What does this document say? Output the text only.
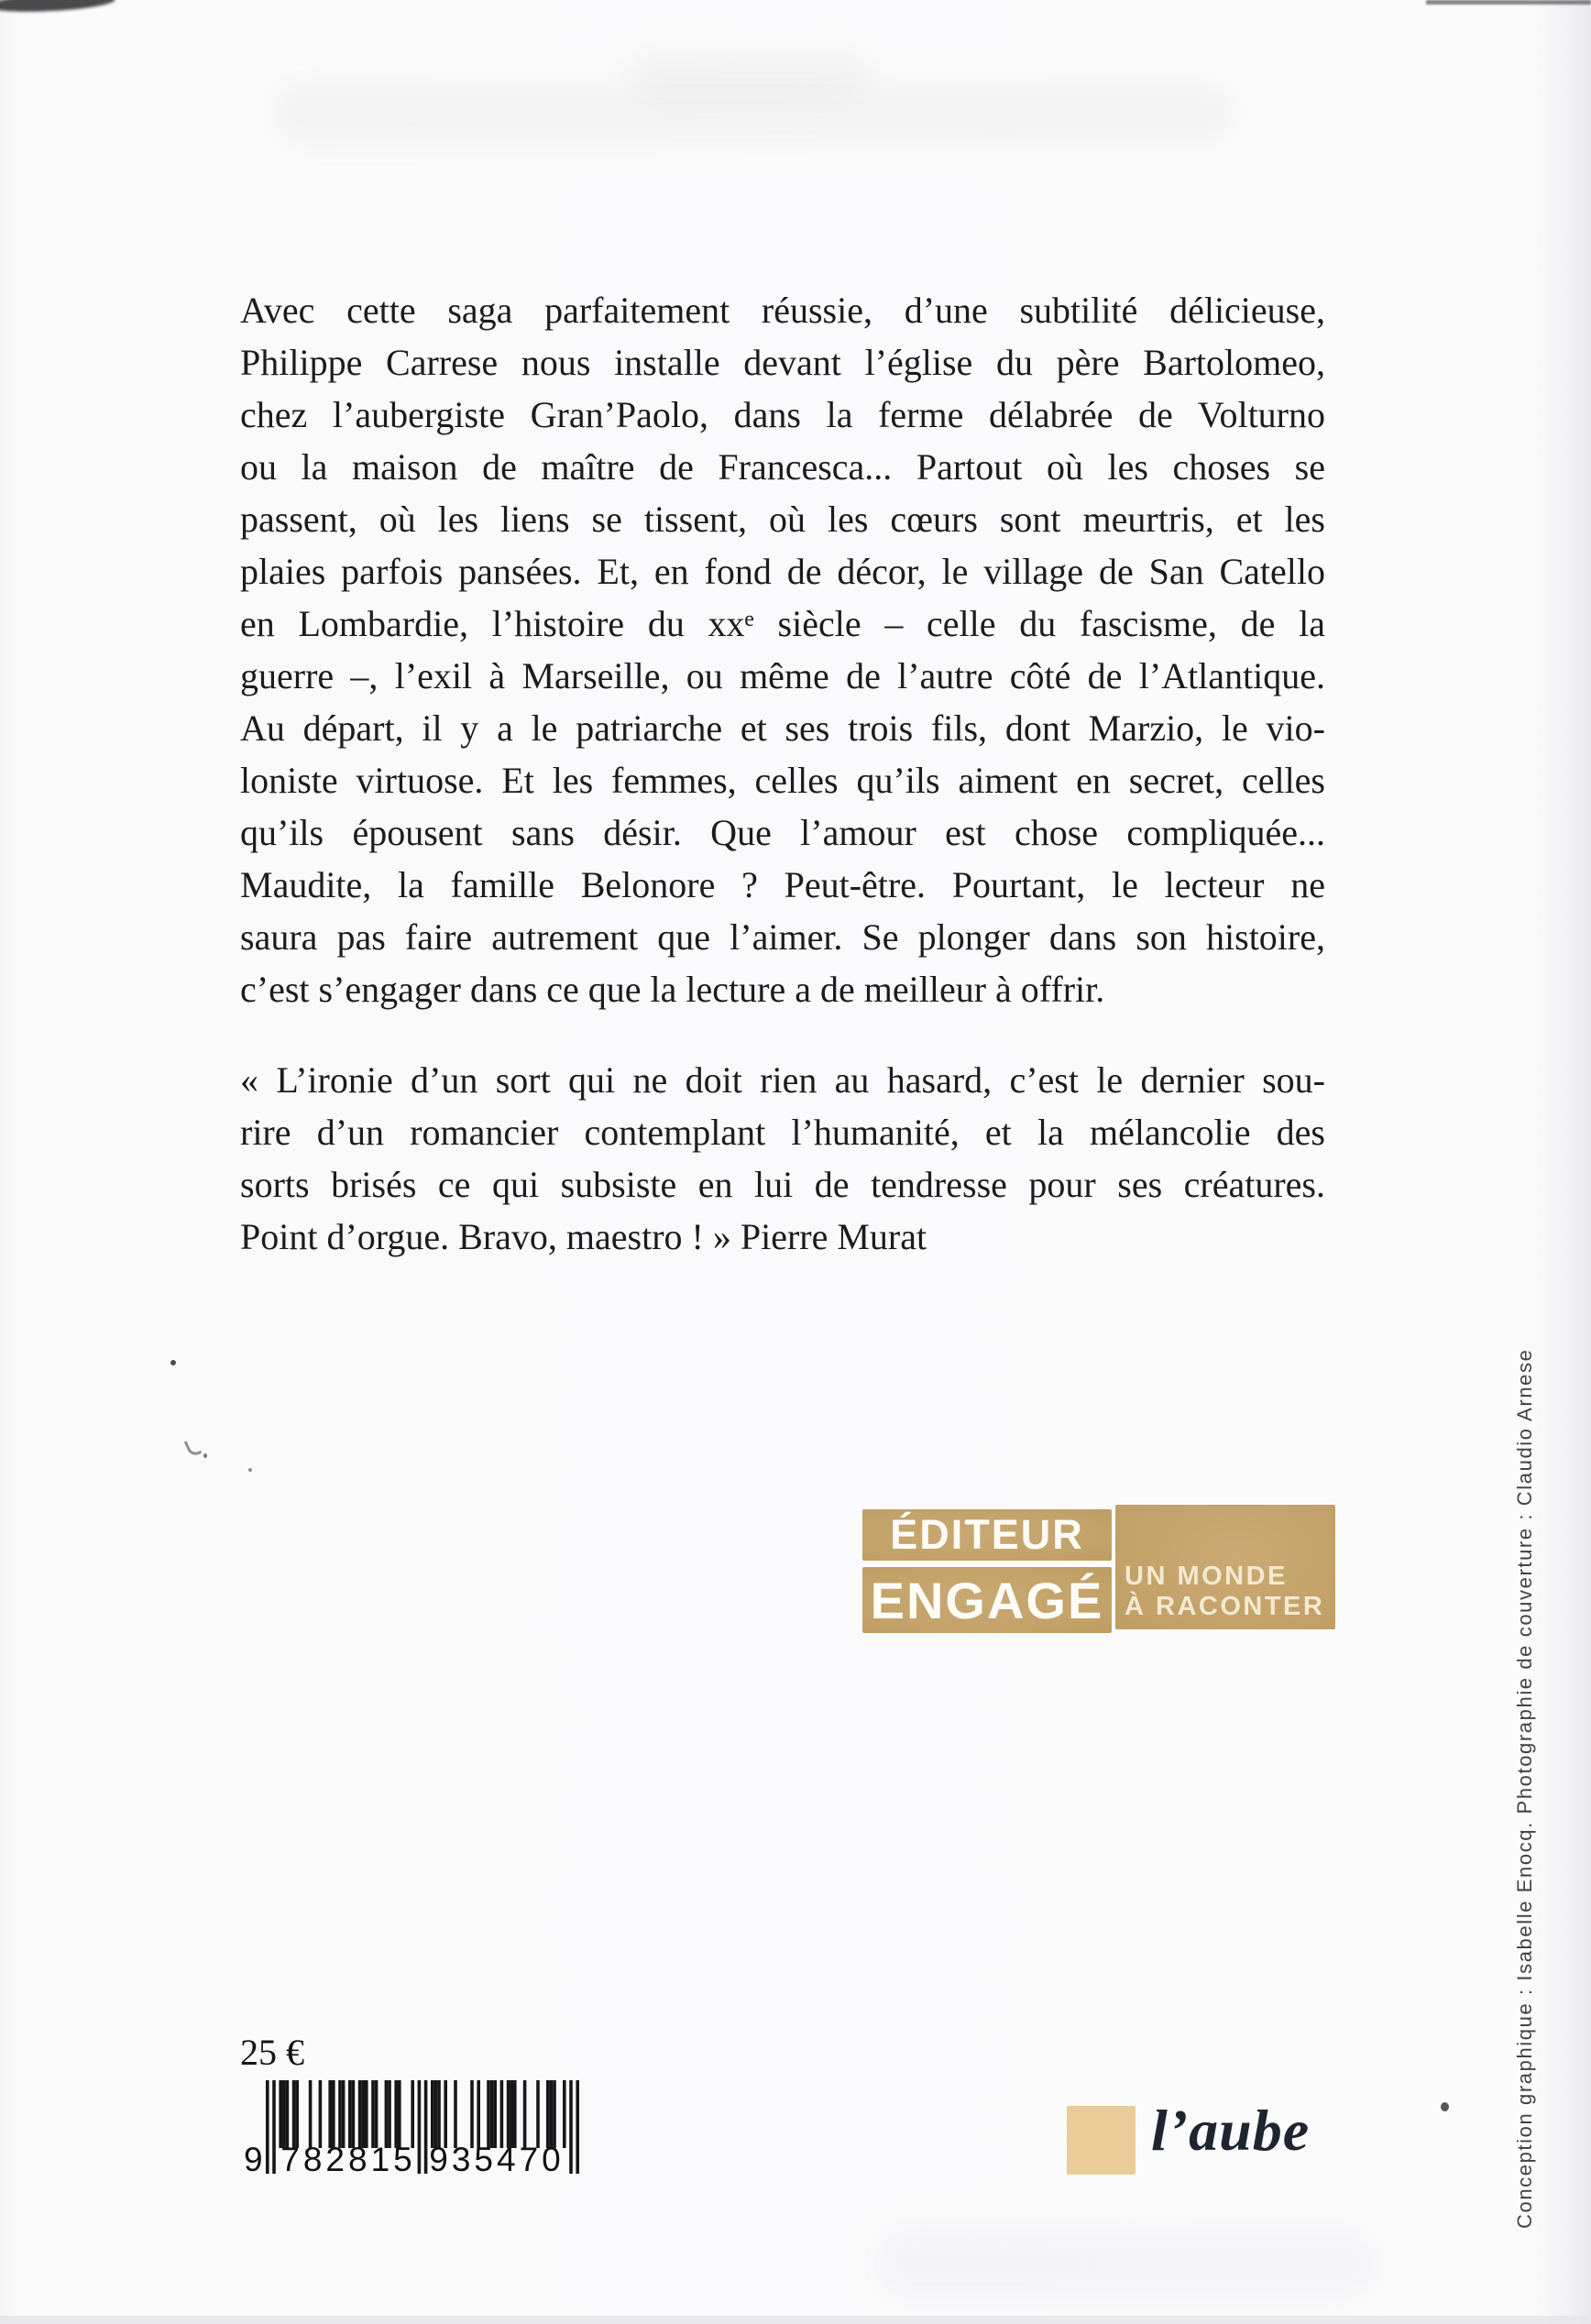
Avec cette saga parfaitement réussie, d’une subtilité délicieuse,
Philippe Carrese nous installe devant l’église du père Bartolomeo,
chez l’aubergiste Gran’Paolo, dans la ferme délabrée de Volturno
ou la maison de maître de Francesca... Partout où les choses se
passent, où les liens se tissent, où les cœurs sont meurtris, et les
plaies parfois pansées. Et, en fond de décor, le village de San Catello
en Lombardie, l’histoire du xxᵉ siècle – celle du fascisme, de la
guerre –, l’exil à Marseille, ou même de l’autre côté de l’Atlantique.
Au départ, il y a le patriarche et ses trois fils, dont Marzio, le vio-
loniste virtuose. Et les femmes, celles qu’ils aiment en secret, celles
qu’ils épousent sans désir. Que l’amour est chose compliquée...
Maudite, la famille Belonore ? Peut-être. Pourtant, le lecteur ne
saura pas faire autrement que l’aimer. Se plonger dans son histoire,
c’est s’engager dans ce que la lecture a de meilleur à offrir.
« L’ironie d’un sort qui ne doit rien au hasard, c’est le dernier sou-
rire d’un romancier contemplant l’humanité, et la mélancolie des
sorts brisés ce qui subsiste en lui de tendresse pour ses créatures.
Point d’orgue. Bravo, maestro ! » Pierre Murat
ÉDITEUR
ENGAGÉ UN MONDE
À RACONTER	Conception graphique : Isabelle Enocq. Photographie de couverture : Claudio Arnese
25 €
9 782815 935470	l’aube
